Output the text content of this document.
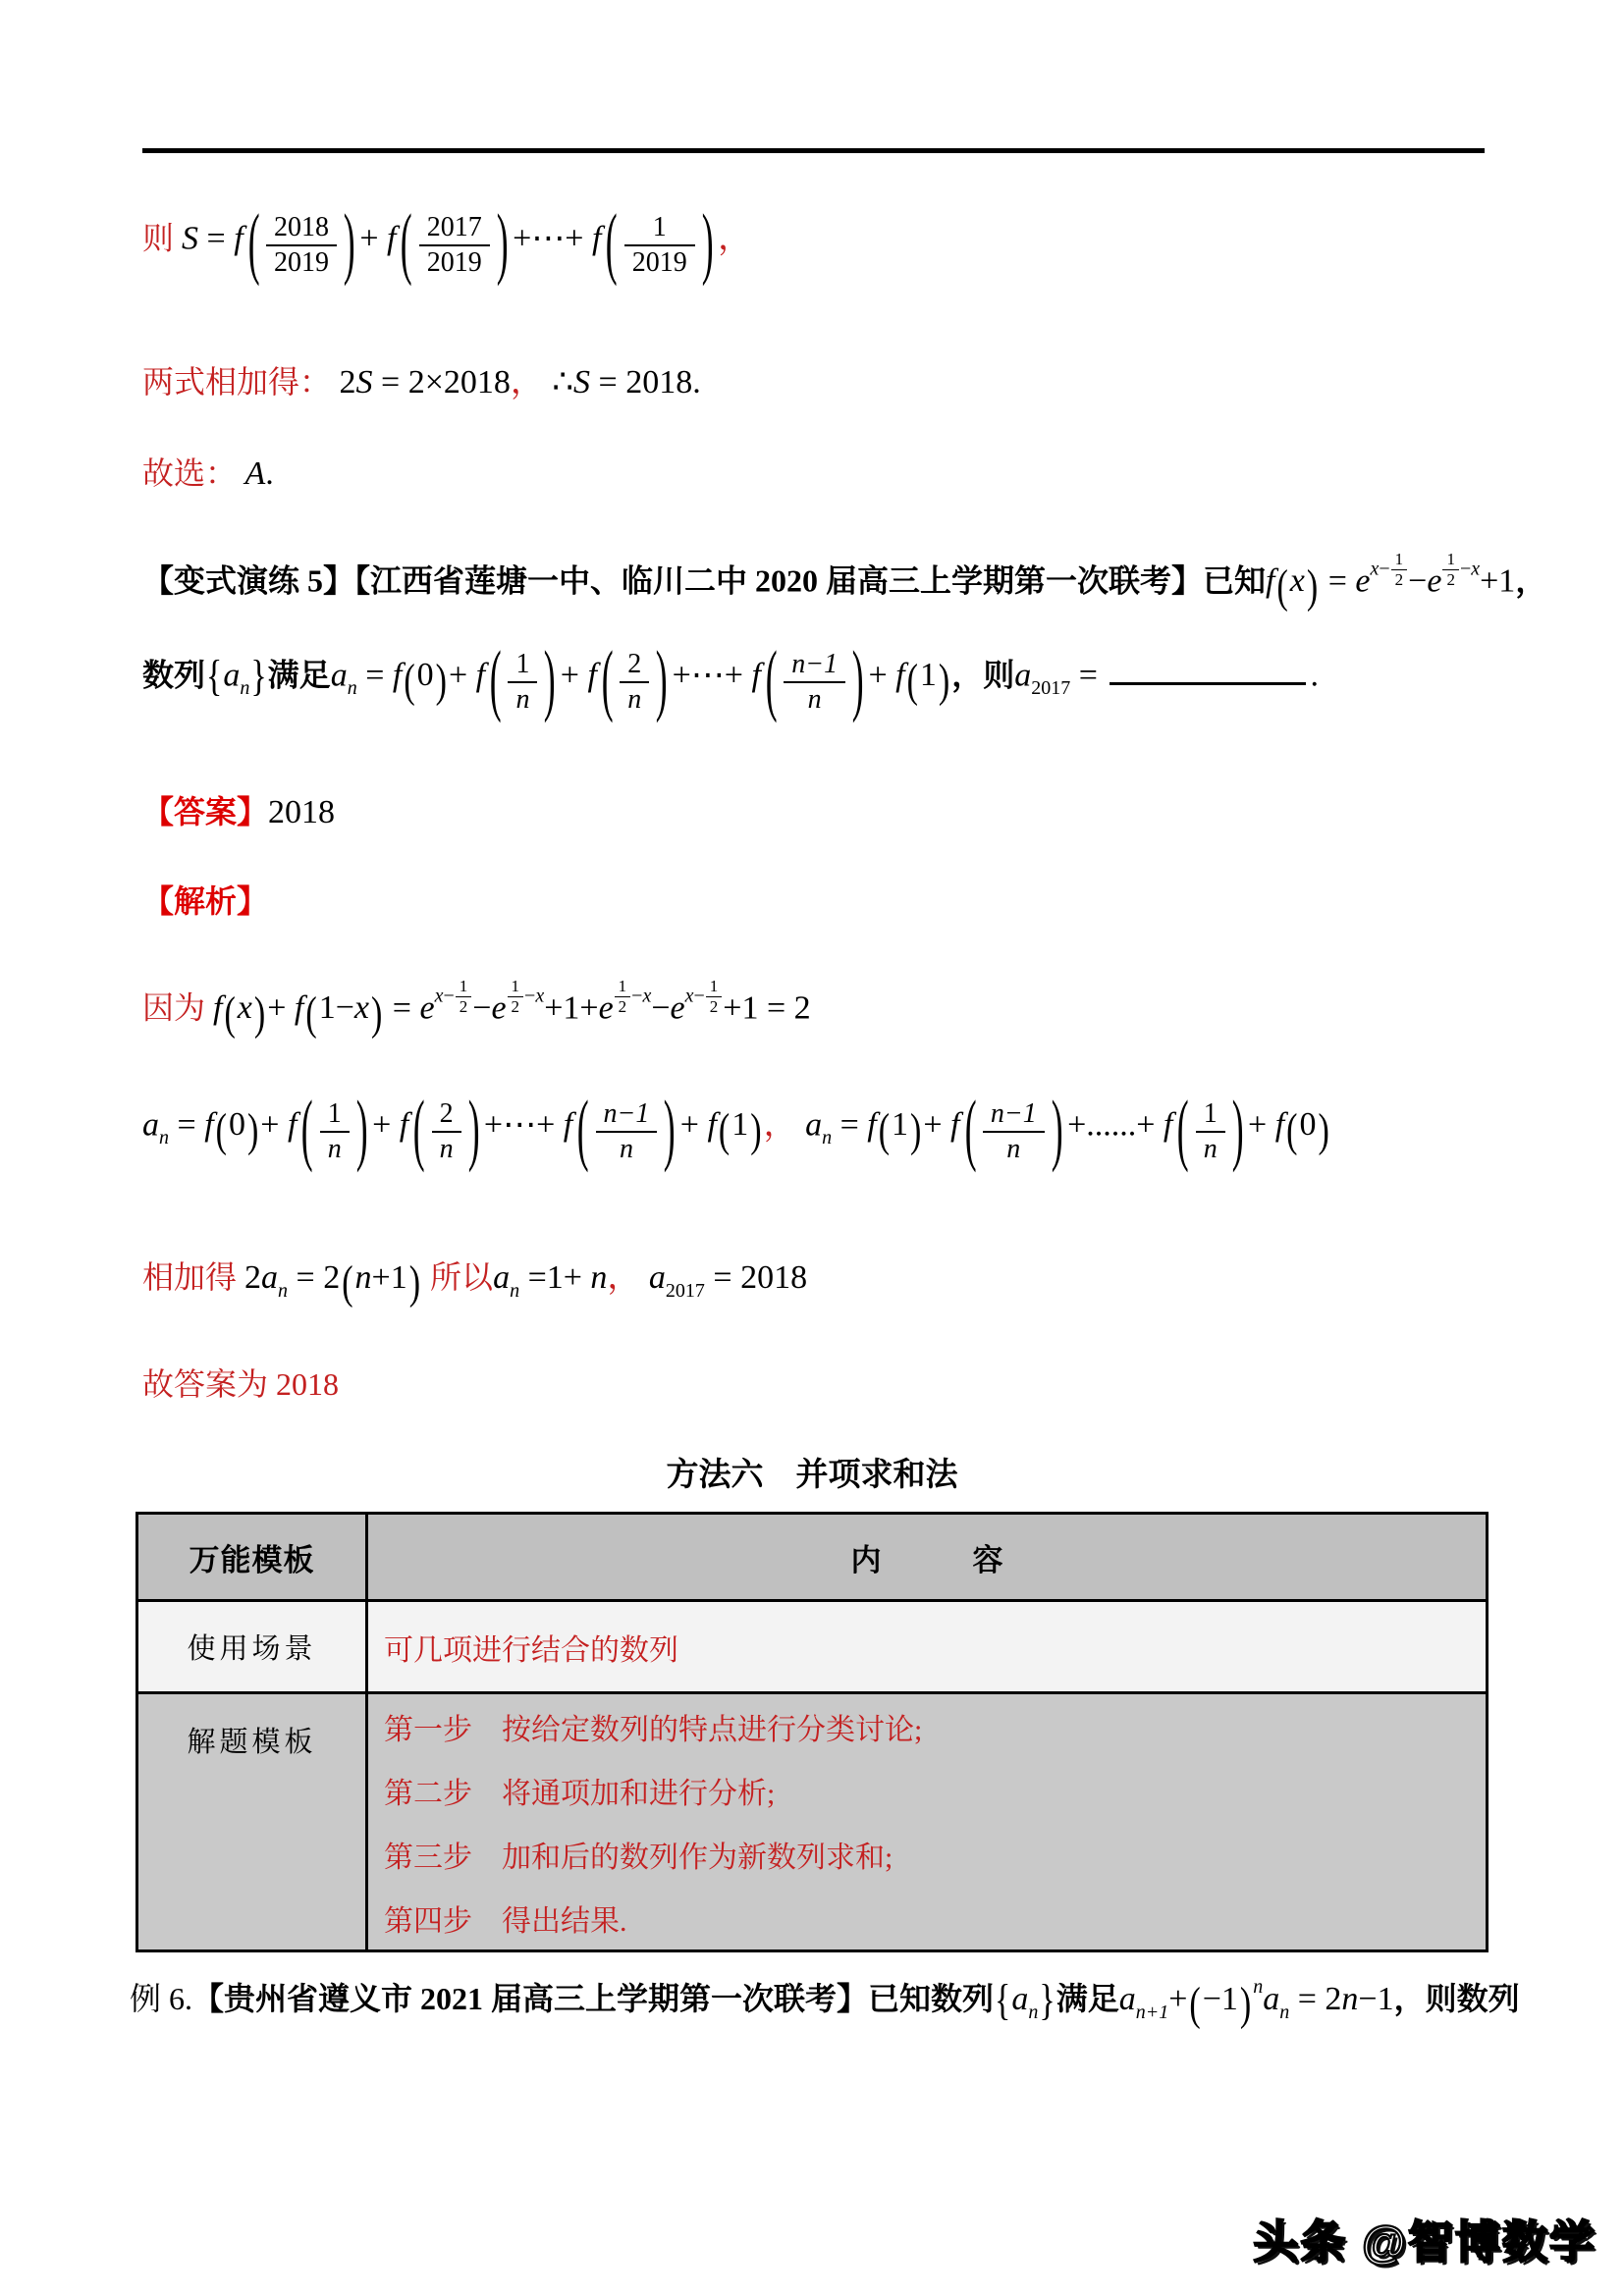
则 S = f ( $\frac{2018}{2019}$ ) + f ( $\frac{2017}{2019}$ ) +⋯+ f ( $\frac{1}{2019}$ ) ，
两式相加得： 2S = 2×2018， ∴S = 2018.
故选： A.
【变式演练 5】【江西省莲塘一中、临川二中 2020 届高三上学期第一次联考】已知$f(x) = ex- \frac{1}{2} -e \frac{1}{2} -x+1$，
数列{an}满足an = f(0)+ f ( $\frac{1}{n}$ ) + f ( $\frac{2}{n}$ ) +⋯+ f ( $\frac{n-1}{n}$ ) + f(1)，则a2017 =	.
【答案】2018
【解析】
因为 $f(x)+ f(1-x) = ex- \frac{1}{2} -e \frac{1}{2} -x+1+e \frac{1}{2} -x-ex- \frac{1}{2} +1 = 2$
an = f(0)+ f ( $\frac{1}{n}$ ) + f ( $\frac{2}{n}$ ) +⋯+ f ( $\frac{n-1}{n}$ ) + f(1)， an = f(1)+ f ( $\frac{n-1}{n}$ ) +......+ f ( $\frac{1}{n}$ ) + f(0)
相加得 2an = 2(n+1) 所以an =1+ n， a2017 = 2018
故答案为 2018
方法六　并项求和法
万能模板	内　　　容
使用场景	可几项进行结合的数列
解题模板	第一步　按给定数列的特点进行分类讨论;
第二步　将通项加和进行分析;
第三步　加和后的数列作为新数列求和;
第四步　得出结果.
例 6.【贵州省遵义市 2021 届高三上学期第一次联考】已知数列{an}满足an+1+(−1) nan = 2n−1，则数列
头条 @智博数学
